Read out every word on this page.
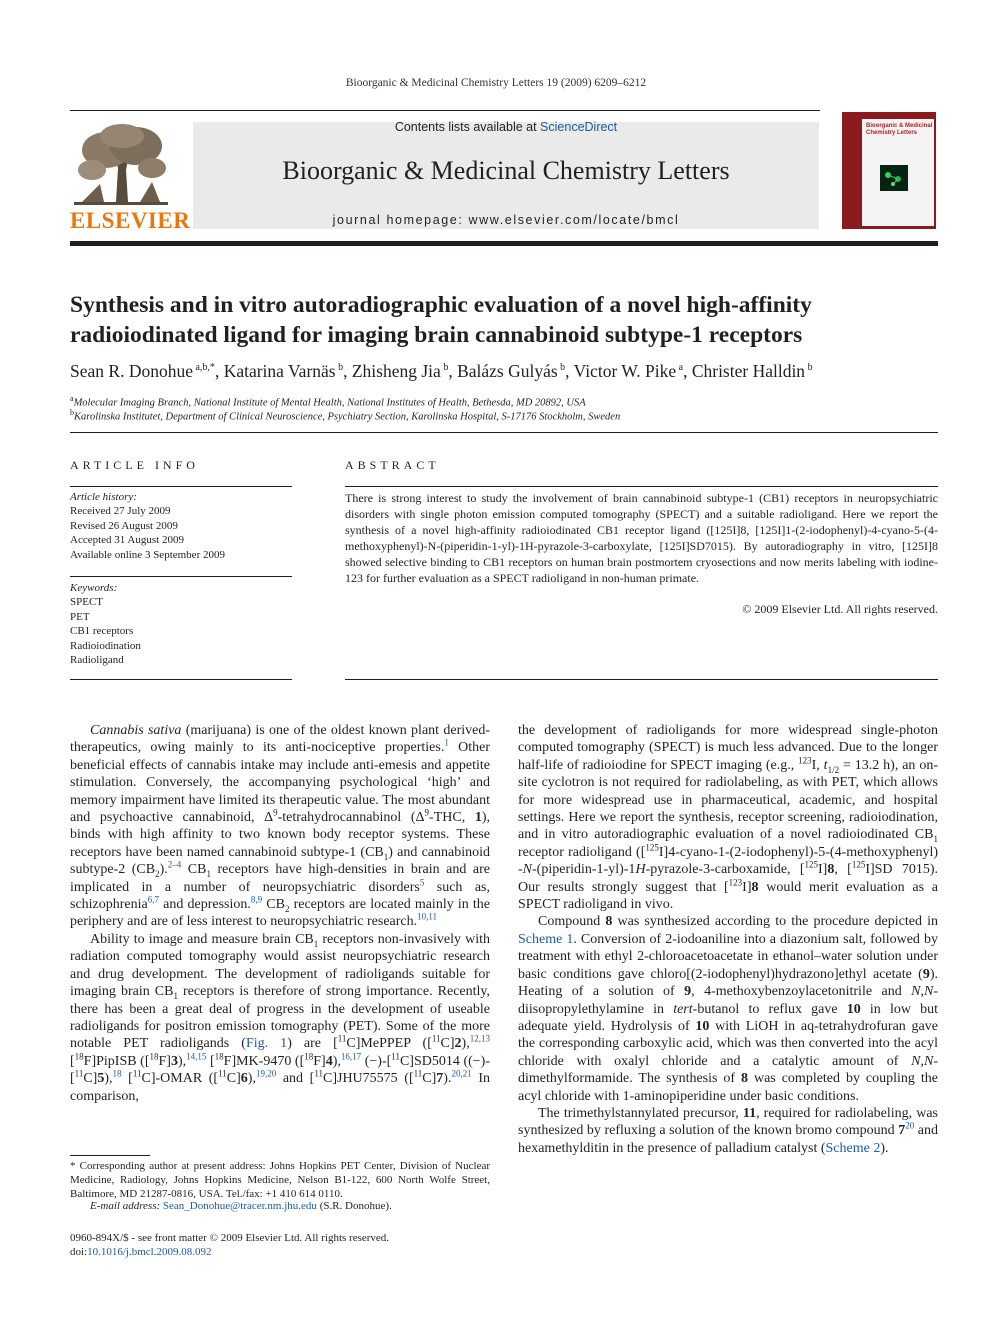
Bioorganic & Medicinal Chemistry Letters 19 (2009) 6209–6212
ELSEVIER
Contents lists available at ScienceDirect
Bioorganic & Medicinal Chemistry Letters
journal homepage: www.elsevier.com/locate/bmcl
Bioorganic & Medicinal Chemistry Letters
Synthesis and in vitro autoradiographic evaluation of a novel high-affinity
radioiodinated ligand for imaging brain cannabinoid subtype-1 receptors
Sean R. Donohue $^{a,b,*}$, Katarina Varnäs $^b$, Zhisheng Jia $^b$, Balázs Gulyás $^b$, Victor W. Pike $^a$, Christer Halldin $^b$
$^a$Molecular Imaging Branch, National Institute of Mental Health, National Institutes of Health, Bethesda, MD 20892, USA
$^b$Karolinska Institutet, Department of Clinical Neuroscience, Psychiatry Section, Karolinska Hospital, S-17176 Stockholm, Sweden
ARTICLE INFO
Article history:
Received 27 July 2009
Revised 26 August 2009
Accepted 31 August 2009
Available online 3 September 2009
Keywords:
SPECT
PET
CB1 receptors
Radioiodination
Radioligand
ABSTRACT
There is strong interest to study the involvement of brain cannabinoid subtype-1 (CB1) receptors in neuropsychiatric disorders with single photon emission computed tomography (SPECT) and a suitable radioligand. Here we report the synthesis of a novel high-affinity radioiodinated CB1 receptor ligand ([125I]8, [125I]1-(2-iodophenyl)-4-cyano-5-(4-methoxyphenyl)-N-(piperidin-1-yl)-1H-pyrazole-3-carboxylate, [125I]SD7015). By autoradiography in vitro, [125I]8 showed selective binding to CB1 receptors on human brain postmortem cryosections and now merits labeling with iodine-123 for further evaluation as a SPECT radioligand in non-human primate.
© 2009 Elsevier Ltd. All rights reserved.

Cannabis sativa (marijuana) is one of the oldest known plant derived-therapeutics, owing mainly to its anti-nociceptive properties.$^1$ Other beneficial effects of cannabis intake may include anti-emesis and appetite stimulation. Conversely, the accompanying psychological ‘high’ and memory impairment have limited its therapeutic value. The most abundant and psychoactive cannabinoid, $\Delta^9$-tetrahydrocannabinol ($\Delta^9$-THC, 1), binds with high affinity to two known body receptor systems. These receptors have been named cannabinoid subtype-1 $(CB_1)$ and cannabinoid subtype-2 $(CB_2).^{2-4}$ $CB_1$ receptors have high-densities in brain and are implicated in a number of neuropsychiatric disorders$^5$ such as, schizophrenia$^{6,7}$ and depression.$^{8,9}$ $CB_2$ receptors are located mainly in the periphery and are of less interest to neuropsychiatric research.$^{10,11}$

Ability to image and measure brain $CB_1$ receptors non-invasively with radiation computed tomography would assist neuropsychiatric research and drug development. The development of radioligands suitable for imaging brain $CB_1$ receptors is therefore of strong importance. Recently, there has been a great deal of progress in the development of useable radioligands for positron emission tomography (PET). Some of the more notable PET radioligands (Fig. 1) are [$^{11}$C]MePPEP ([$^{11}$C]2),$^{12,13}$ [$^{18}$F]PipISB ([$^{18}$F]3),$^{14,15}$ [$^{18}$F]MK-9470 ([$^{18}$F]4),$^{16,17}$ (−)-[$^{11}$C]SD5014 ((−)-[$^{11}$C]5),$^{18}$ [$^{11}$C]-OMAR ([$^{11}$C]6),$^{19,20}$ and [$^{11}$C]JHU75575 ([$^{11}$C]7).$^{20,21}$ In comparison,

the development of radioligands for more widespread single-photon computed tomography (SPECT) is much less advanced. Due to the longer half-life of radioiodine for SPECT imaging (e.g., $^{123}$I, $t_{1/2} = 13.2$ h), an on-site cyclotron is not required for radiolabeling, as with PET, which allows for more widespread use in pharmaceutical, academic, and hospital settings. Here we report the synthesis, receptor screening, radioiodination, and in vitro autoradiographic evaluation of a novel radioiodinated $CB_1$ receptor radioligand ([$^{125}$I]4-cyano-1-(2-iodophenyl)-5-(4-methoxyphenyl) -N-(piperidin-1-yl)-1H-pyrazole-3-carboxamide, [$^{125}$I]8, [$^{125}$I]SD 7015). Our results strongly suggest that [$^{123}$I]8 would merit evaluation as a SPECT radioligand in vivo.

Compound 8 was synthesized according to the procedure depicted in Scheme 1. Conversion of 2-iodoaniline into a diazonium salt, followed by treatment with ethyl 2-chloroacetoacetate in ethanol–water solution under basic conditions gave chloro[(2-iodophenyl)hydrazono]ethyl acetate (9). Heating of a solution of 9, 4-methoxybenzoylacetonitrile and N,N-diisopropylethylamine in tert-butanol to reflux gave 10 in low but adequate yield. Hydrolysis of 10 with LiOH in aq-tetrahydrofuran gave the corresponding carboxylic acid, which was then converted into the acyl chloride with oxalyl chloride and a catalytic amount of N,N-dimethylformamide. The synthesis of 8 was completed by coupling the acyl chloride with 1-aminopiperidine under basic conditions.

The trimethylstannylated precursor, 11, required for radiolabeling, was synthesized by refluxing a solution of the known bromo compound $7^{20}$ and hexamethylditin in the presence of palladium catalyst (Scheme 2).

* Corresponding author at present address: Johns Hopkins PET Center, Division of Nuclear Medicine, Radiology, Johns Hopkins Medicine, Nelson B1-122, 600 North Wolfe Street, Baltimore, MD 21287-0816, USA. Tel./fax: +1 410 614 0110.
E-mail address: Sean_Donohue@tracer.nm.jhu.edu (S.R. Donohue).
0960-894X/$ - see front matter © 2009 Elsevier Ltd. All rights reserved.
doi:10.1016/j.bmcl.2009.08.092
